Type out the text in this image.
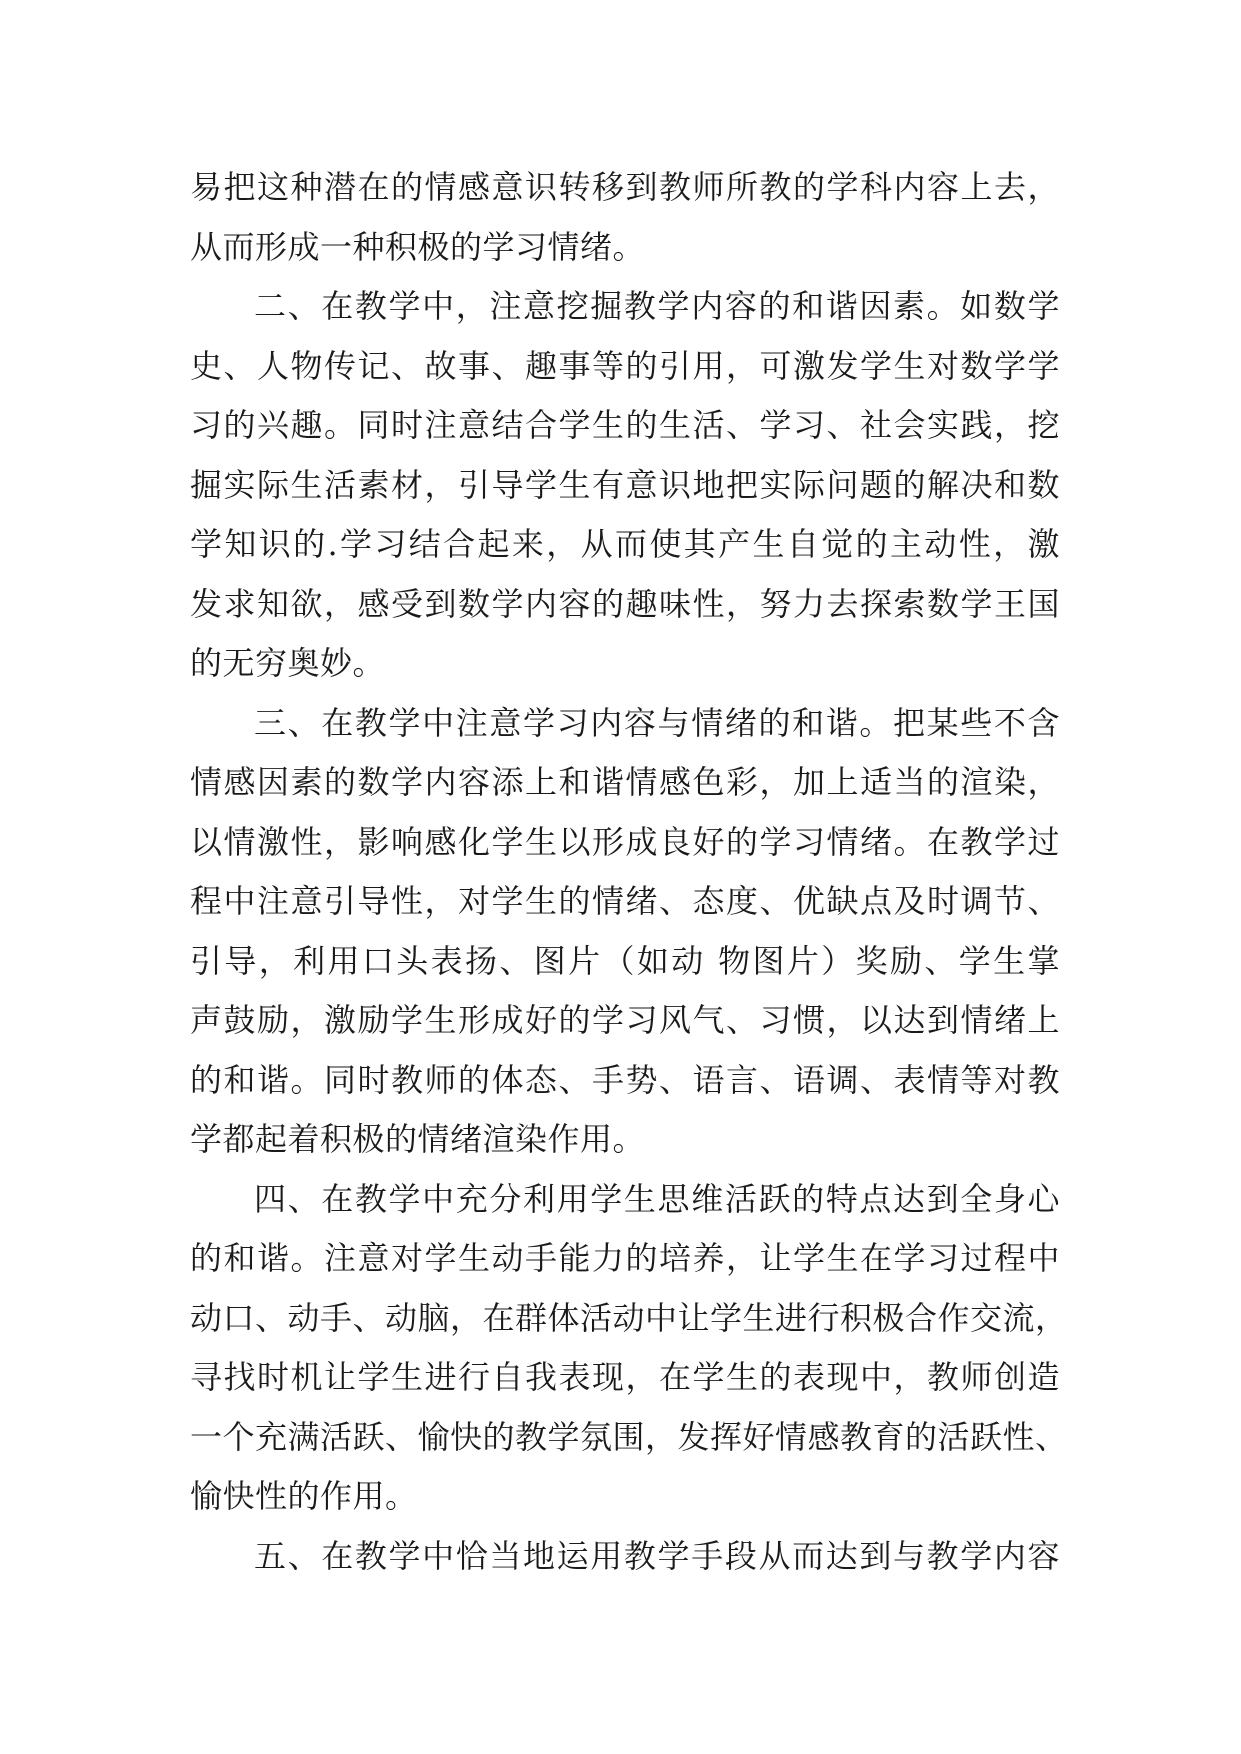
易把这种潜在的情感意识转移到教师所教的学科内容上去，
从而形成一种积极的学习情绪。
二、在教学中，注意挖掘教学内容的和谐因素。如数学
史、人物传记、故事、趣事等的引用，可激发学生对数学学
习的兴趣。同时注意结合学生的生活、学习、社会实践，挖
掘实际生活素材，引导学生有意识地把实际问题的解决和数
学知识的.学习结合起来，从而使其产生自觉的主动性，激
发求知欲，感受到数学内容的趣味性，努力去探索数学王国
的无穷奥妙。
三、在教学中注意学习内容与情绪的和谐。把某些不含
情感因素的数学内容添上和谐情感色彩，加上适当的渲染，
以情激性，影响感化学生以形成良好的学习情绪。在教学过
程中注意引导性，对学生的情绪、态度、优缺点及时调节、
引导，利用口头表扬、图片（如动 物图片）奖励、学生掌
声鼓励，激励学生形成好的学习风气、习惯，以达到情绪上
的和谐。同时教师的体态、手势、语言、语调、表情等对教
学都起着积极的情绪渲染作用。
四、在教学中充分利用学生思维活跃的特点达到全身心
的和谐。注意对学生动手能力的培养，让学生在学习过程中
动口、动手、动脑，在群体活动中让学生进行积极合作交流，
寻找时机让学生进行自我表现，在学生的表现中，教师创造
一个充满活跃、愉快的教学氛围，发挥好情感教育的活跃性、
愉快性的作用。
五、在教学中恰当地运用教学手段从而达到与教学内容
